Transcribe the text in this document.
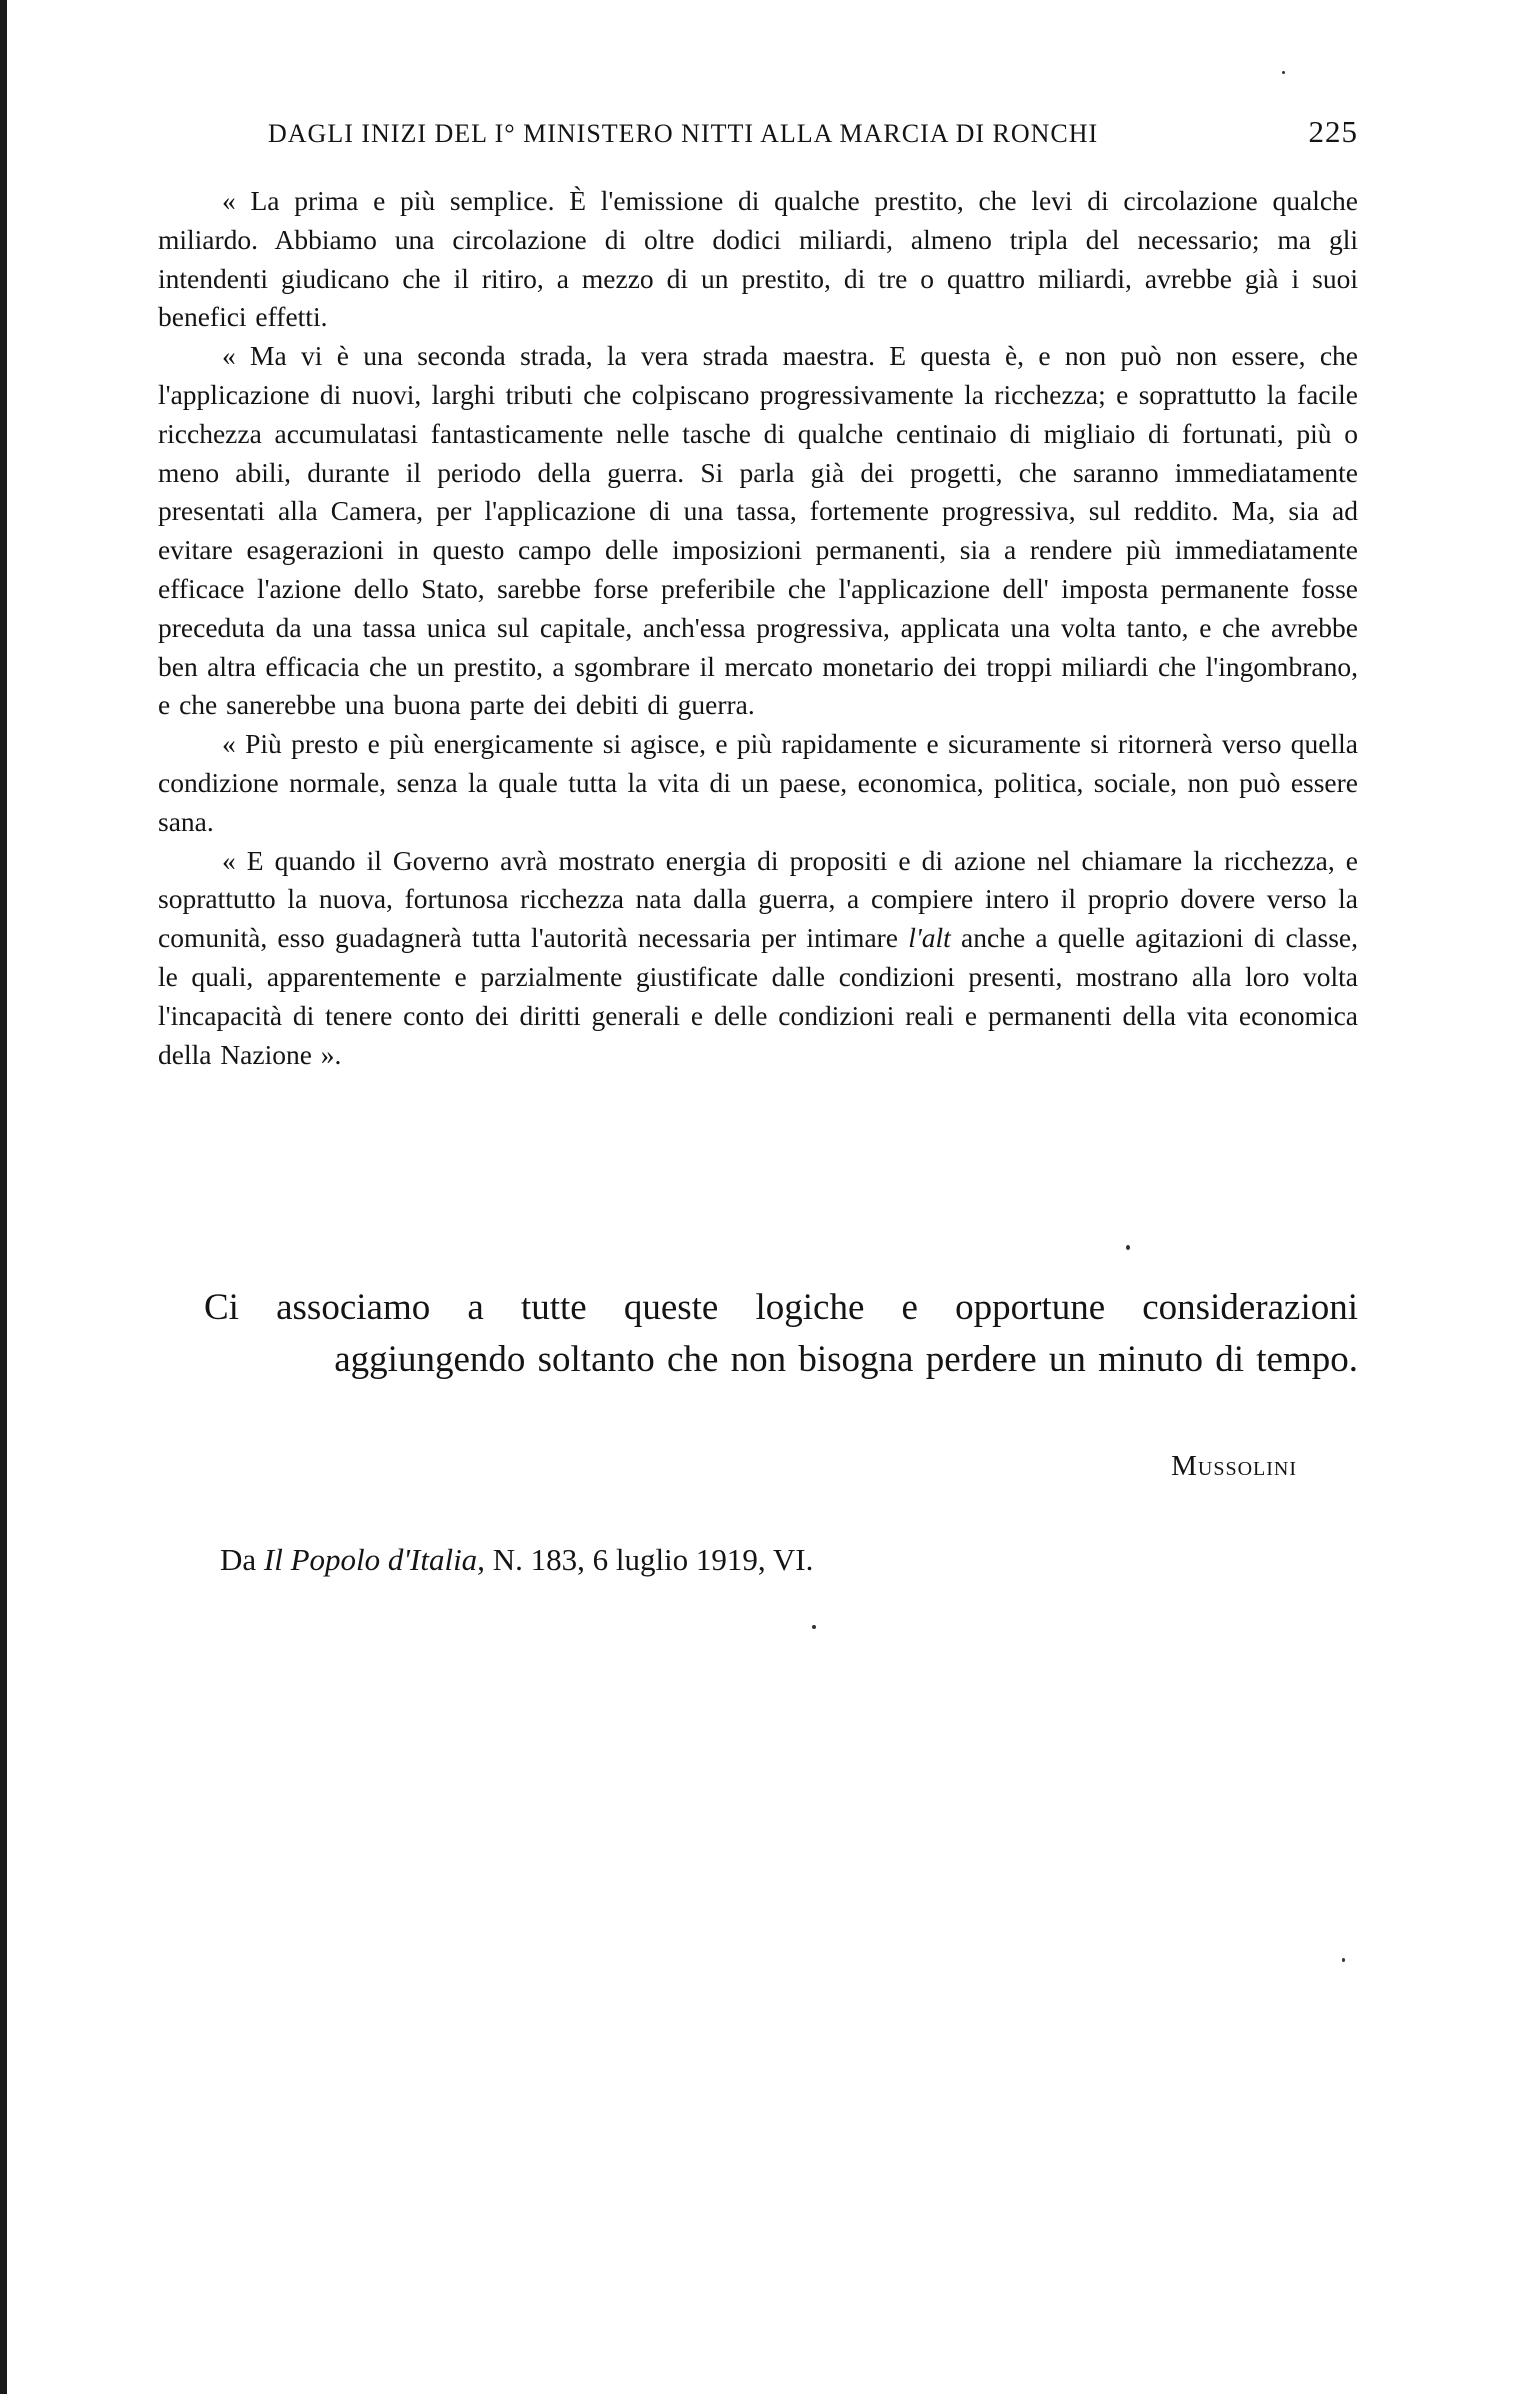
DAGLI INIZI DEL I° MINISTERO NITTI ALLA MARCIA DI RONCHI	225

« La prima e più semplice. È l'emissione di qualche prestito, che levi di circolazione qualche miliardo. Abbiamo una circolazione di oltre dodici miliardi, almeno tripla del necessario; ma gli intendenti giudicano che il ritiro, a mezzo di un prestito, di tre o quattro miliardi, avrebbe già i suoi benefici effetti.

« Ma vi è una seconda strada, la vera strada maestra. E questa è, e non può non essere, che l'applicazione di nuovi, larghi tributi che colpiscano progressivamente la ricchezza; e soprattutto la facile ricchezza accumulatasi fantasticamente nelle tasche di qualche centinaio di migliaio di fortunati, più o meno abili, durante il periodo della guerra. Si parla già dei progetti, che saranno immediatamente presentati alla Camera, per l'applicazione di una tassa, fortemente progressiva, sul reddito. Ma, sia ad evitare esagerazioni in questo campo delle imposizioni permanenti, sia a rendere più immediatamente efficace l'azione dello Stato, sarebbe forse preferibile che l'applicazione dell' imposta permanente fosse preceduta da una tassa unica sul capitale, anch'essa progressiva, applicata una volta tanto, e che avrebbe ben altra efficacia che un prestito, a sgombrare il mercato monetario dei troppi miliardi che l'ingombrano, e che sanerebbe una buona parte dei debiti di guerra.

« Più presto e più energicamente si agisce, e più rapidamente e sicuramente si ritornerà verso quella condizione normale, senza la quale tutta la vita di un paese, economica, politica, sociale, non può essere sana.

« E quando il Governo avrà mostrato energia di propositi e di azione nel chiamare la ricchezza, e soprattutto la nuova, fortunosa ricchezza nata dalla guerra, a compiere intero il proprio dovere verso la comunità, esso guadagnerà tutta l'autorità necessaria per intimare l'alt anche a quelle agitazioni di classe, le quali, apparentemente e parzialmente giustificate dalle condizioni presenti, mostrano alla loro volta l'incapacità di tenere conto dei diritti generali e delle condizioni reali e permanenti della vita economica della Nazione ».

Ci associamo a tutte queste logiche e opportune considerazioni aggiungendo soltanto che non bisogna perdere un minuto di tempo.

Mussolini
Da Il Popolo d'Italia, N. 183, 6 luglio 1919, VI.
